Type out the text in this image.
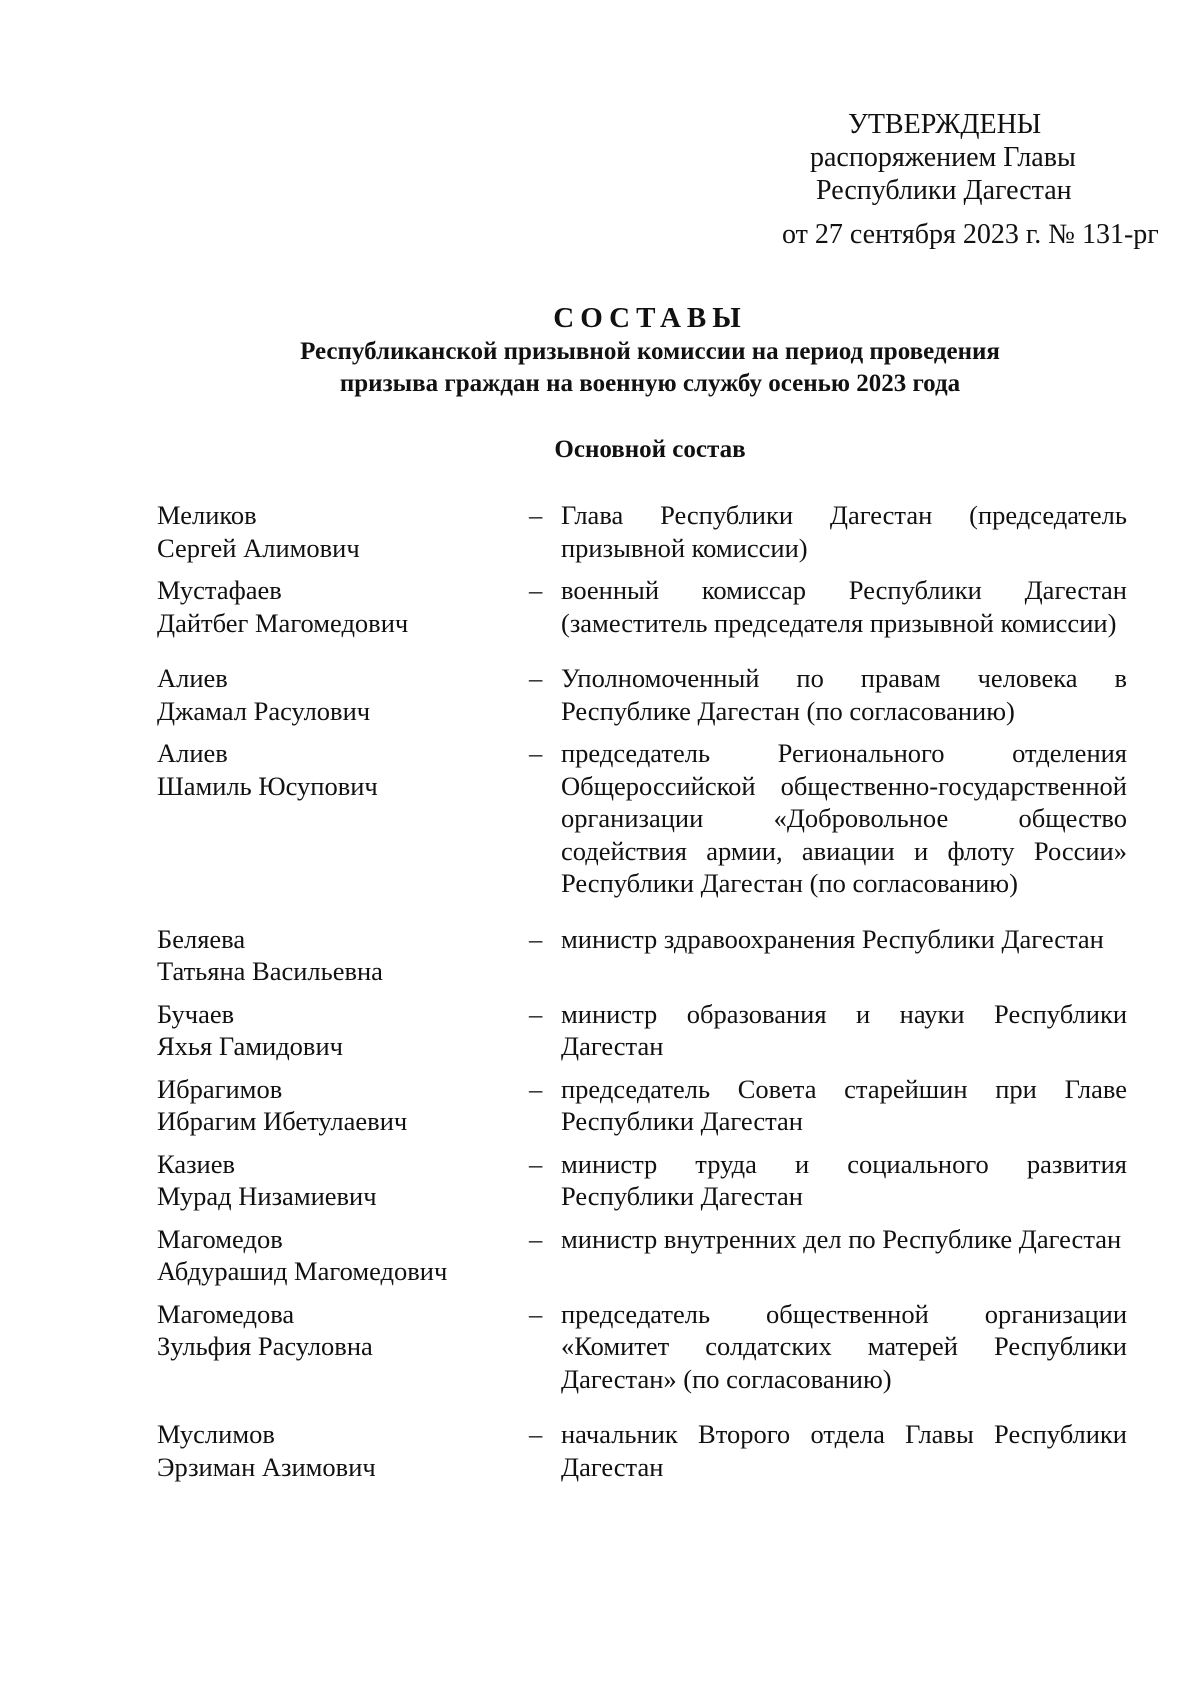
УТВЕРЖДЕНЫ
распоряжением Главы
Республики Дагестан
от 27 сентября 2023 г. № 131-рг
СОСТАВЫ
Республиканской призывной комиссии на период проведения
призыва граждан на военную службу осенью 2023 года
Основной состав
Меликов
Сергей Алимович
– Глава Республики Дагестан (председатель призывной комиссии)
Мустафаев
Дайтбег Магомедович
– военный комиссар Республики Дагестан (заместитель председателя призывной комиссии)
Алиев
Джамал Расулович
– Уполномоченный по правам человека в Республике Дагестан (по согласованию)
Алиев
Шамиль Юсупович
– председатель Регионального отделения Общероссийской общественно-государственной организации «Добровольное общество содействия армии, авиации и флоту России» Республики Дагестан (по согласованию)
Беляева
Татьяна Васильевна
– министр здравоохранения Республики Дагестан
Бучаев
Яхья Гамидович
– министр образования и науки Республики Дагестан
Ибрагимов
Ибрагим Ибетулаевич
– председатель Совета старейшин при Главе Республики Дагестан
Казиев
Мурад Низамиевич
– министр труда и социального развития Республики Дагестан
Магомедов
Абдурашид Магомедович
– министр внутренних дел по Республике Дагестан
Магомедова
Зульфия Расуловна
– председатель общественной организации «Комитет солдатских матерей Республики Дагестан» (по согласованию)
Муслимов
Эрзиман Азимович
– начальник Второго отдела Главы Республики Дагестан
